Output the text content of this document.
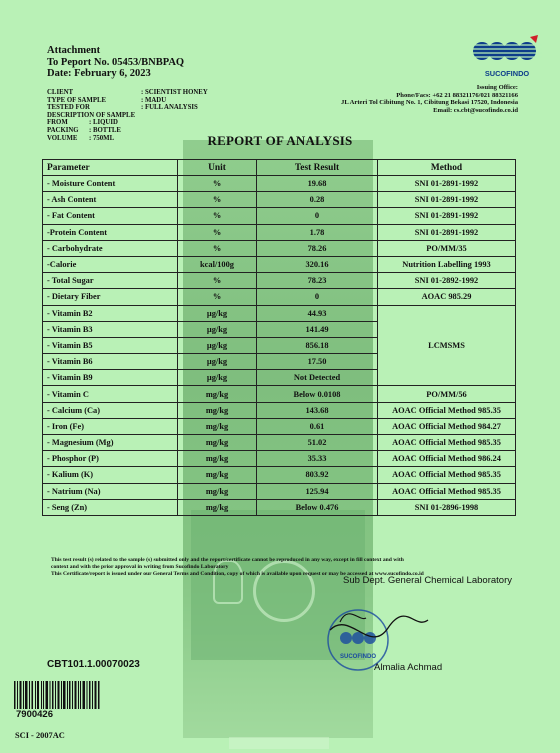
Attachment
To Peport No. 05453/BNBPAQ
Date: February 6, 2023
CLIENT	: SCIENTIST HONEY
TYPE OF SAMPLE	: MADU
TESTED FOR	: FULL ANALYSIS
DESCRIPTION OF SAMPLE
FROM	: LIQUID
PACKING : BOTTLE
VOLUME : 750ML
SUCOFINDO
Issuing Office:
Phone/Facs: +62 21 88321176/021 88321166
JL Arteri Tol Cibitung No. 1, Cibitung Bekasi 17520, Indonesia
Email: cs.cbt@sucofindo.co.id
REPORT OF ANALYSIS
Parameter	Unit	Test Result	Method
- Moisture Content	%	19.68	SNI 01-2891-1992
- Ash Content	%	0.28	SNI 01-2891-1992
- Fat Content	%	0	SNI 01-2891-1992
-Protein Content	%	1.78	SNI 01-2891-1992
- Carbohydrate	%	78.26	PO/MM/35
-Calorie	kcal/100g	320.16	Nutrition Labelling 1993
- Total Sugar	%	78.23	SNI 01-2892-1992
- Dietary Fiber	%	0	AOAC 985.29
- Vitamin B2	µg/kg	44.93	LCMSMS
- Vitamin B3	µg/kg	141.49	
- Vitamin B5	µg/kg	856.18	
- Vitamin B6	µg/kg	17.50	
- Vitamin B9	µg/kg	Not Detected	
- Vitamin C	mg/kg	Below 0.0108	PO/MM/56
- Calcium (Ca)	mg/kg	143.68	AOAC Official Method 985.35
- Iron (Fe)	mg/kg	0.61	AOAC Official Method 984.27
- Magnesium (Mg)	mg/kg	51.02	AOAC Official Method 985.35
- Phosphor (P)	mg/kg	35.33	AOAC Official Method 986.24
- Kalium (K)	mg/kg	803.92	AOAC Official Method 985.35
- Natrium (Na)	mg/kg	125.94	AOAC Official Method 985.35
- Seng (Zn)	mg/kg	Below 0.476	SNI 01-2896-1998
This test result (s) related to the sample (s) submitted only and the report/certificate cannot be reproduced in any way, except in fill context and with
context and with the prior approval in writing from Sucofindo Laboratory
This Certificate/report is issued under our General Terms and Condition, copy of which is available upon request or may be accessed at www.sucofindo.co.id
Sub Dept. General Chemical Laboratory
SUCOFINDO
Almalia Achmad
CBT101.1.00070023
7900426
SCI - 2007AC
